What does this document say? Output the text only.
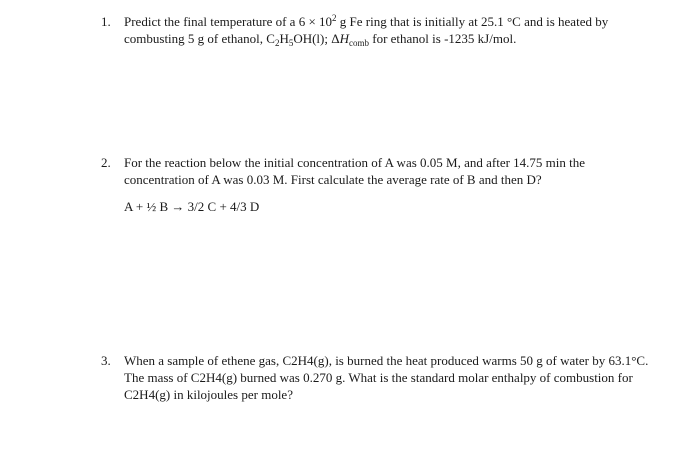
1. Predict the final temperature of a $6 \times 10^2$ g Fe ring that is initially at 25.1 °C and is heated by
combusting 5 g of ethanol, $C_2H_5OH(l)$; $\Delta H_{comb}$ for ethanol is -1235 kJ/mol.
2. For the reaction below the initial concentration of A was 0.05 M, and after 14.75 min the
concentration of A was 0.03 M. First calculate the average rate of B and then D?
A + ½ B → 3/2 C + 4/3 D
3. When a sample of ethene gas, C2H4(g), is burned the heat produced warms 50 g of water by 63.1°C.
The mass of C2H4(g) burned was 0.270 g. What is the standard molar enthalpy of combustion for
C2H4(g) in kilojoules per mole?
